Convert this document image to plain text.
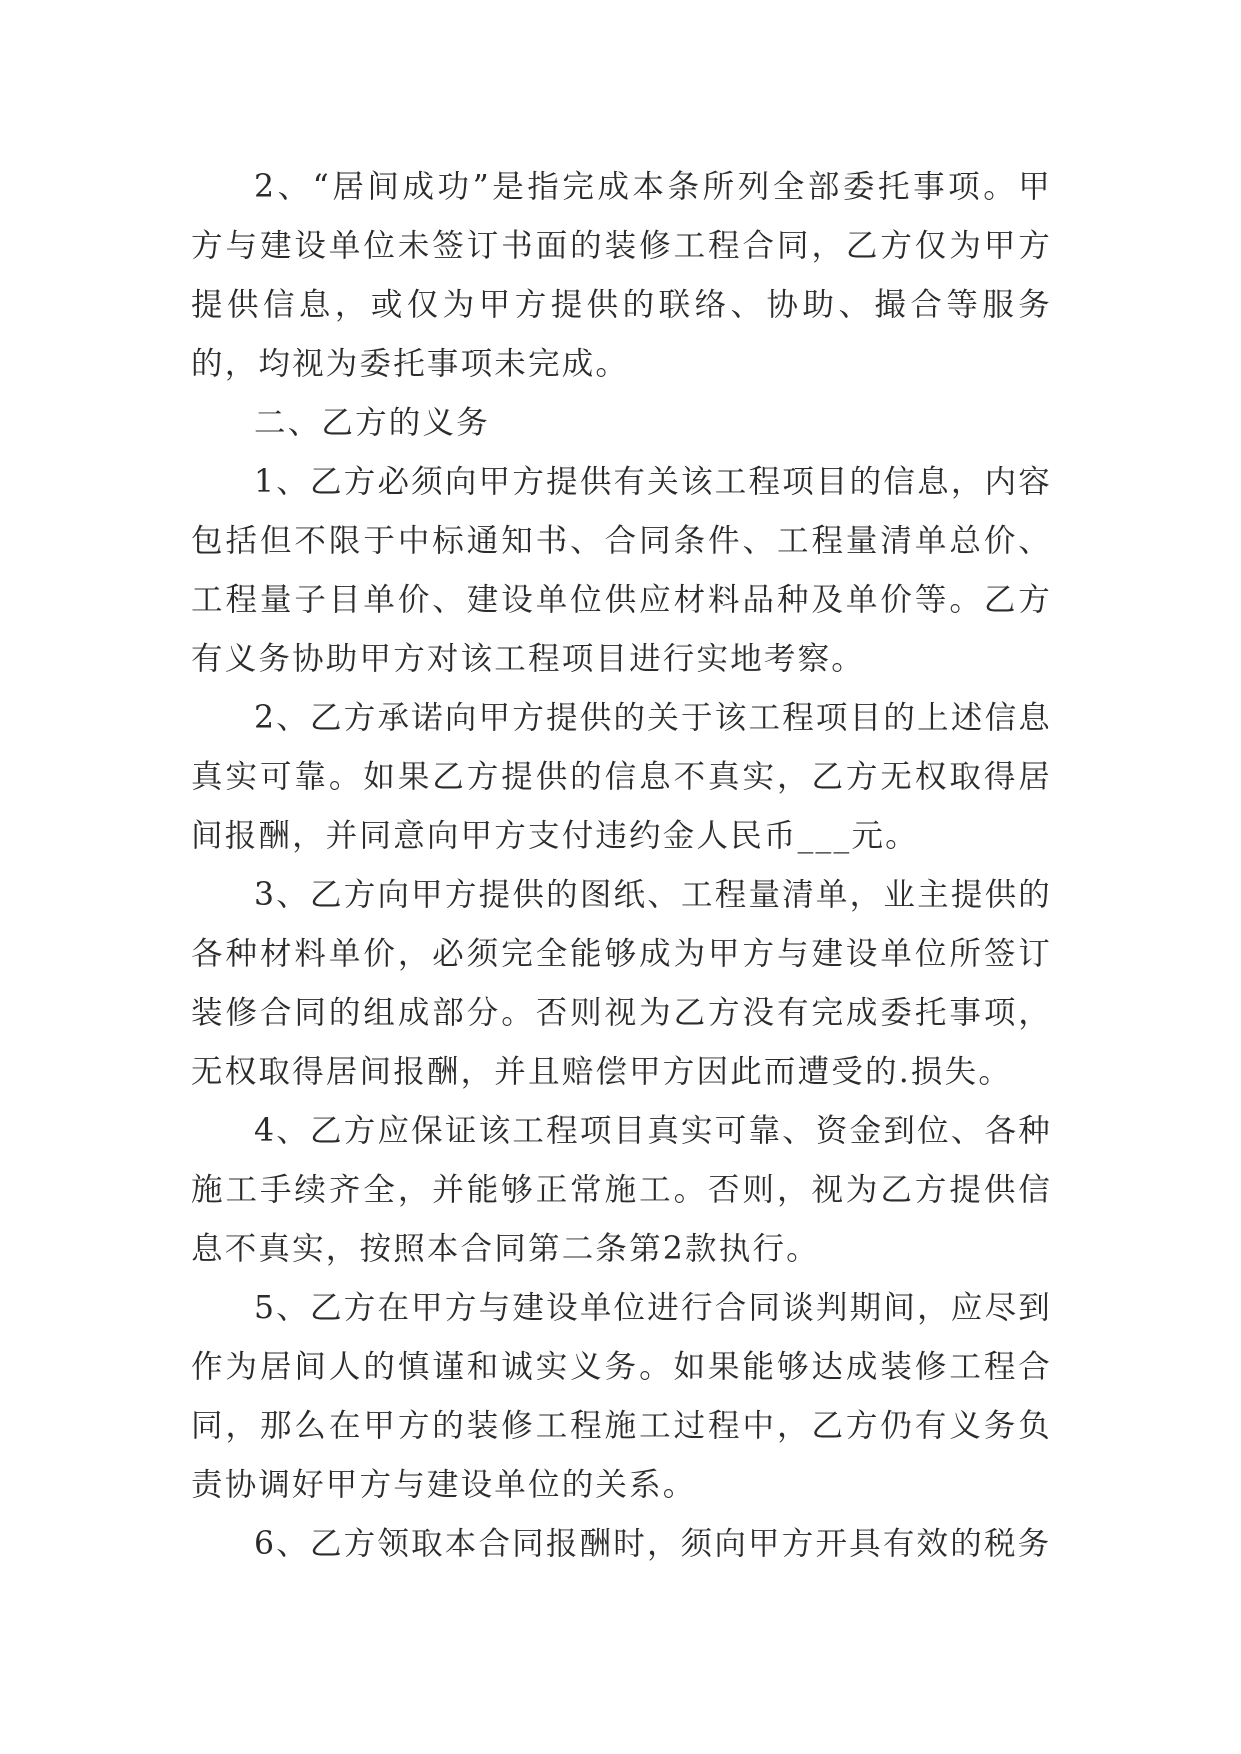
2、“居间成功”是指完成本条所列全部委托事项。甲方与建设单位未签订书面的装修工程合同，乙方仅为甲方提供信息，或仅为甲方提供的联络、协助、撮合等服务的，均视为委托事项未完成。

二、乙方的义务

1、乙方必须向甲方提供有关该工程项目的信息，内容包括但不限于中标通知书、合同条件、工程量清单总价、工程量子目单价、建设单位供应材料品种及单价等。乙方有义务协助甲方对该工程项目进行实地考察。

2、乙方承诺向甲方提供的关于该工程项目的上述信息真实可靠。如果乙方提供的信息不真实，乙方无权取得居间报酬，并同意向甲方支付违约金人民币___元。

3、乙方向甲方提供的图纸、工程量清单，业主提供的各种材料单价，必须完全能够成为甲方与建设单位所签订装修合同的组成部分。否则视为乙方没有完成委托事项，无权取得居间报酬，并且赔偿甲方因此而遭受的.损失。

4、乙方应保证该工程项目真实可靠、资金到位、各种施工手续齐全，并能够正常施工。否则，视为乙方提供信息不真实，按照本合同第二条第2款执行。

5、乙方在甲方与建设单位进行合同谈判期间，应尽到作为居间人的慎谨和诚实义务。如果能够达成装修工程合同，那么在甲方的装修工程施工过程中，乙方仍有义务负责协调好甲方与建设单位的关系。

6、乙方领取本合同报酬时，须向甲方开具有效的税务
